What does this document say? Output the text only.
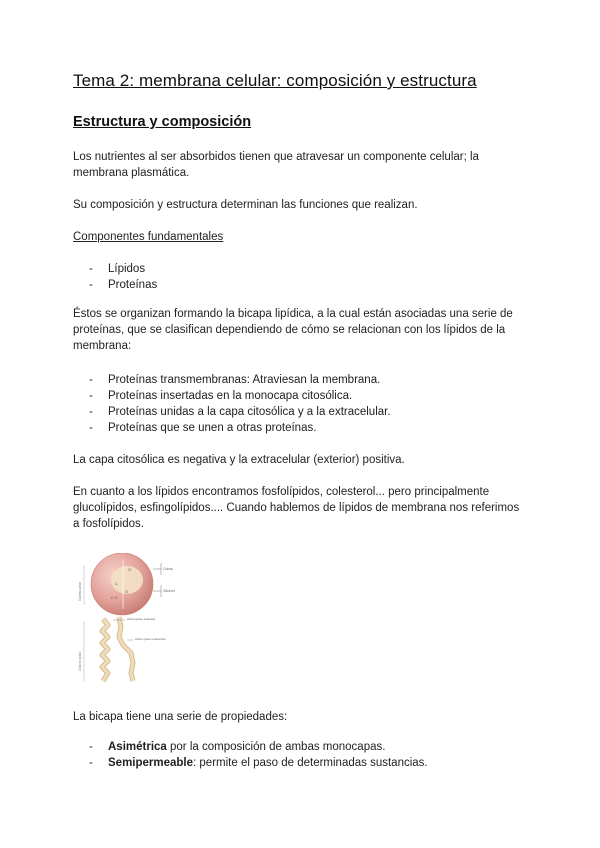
Tema 2: membrana celular: composición y estructura
Estructura y composición

Los nutrientes al ser absorbidos tienen que atravesar un componente celular; la membrana plasmática.

Su composición y estructura determinan las funciones que realizan.

Componentes fundamentales

- Lípidos
- Proteínas

Éstos se organizan formando la bicapa lipídica, a la cual están asociadas una serie de proteínas, que se clasifican dependiendo de cómo se relacionan con los lípidos de la membrana:

- Proteínas transmembranas: Atraviesan la membrana.
- Proteínas insertadas en la monocapa citosólica.
- Proteínas unidas a la capa citosólica y a la extracelular.
- Proteínas que se unen a otras proteínas.

La capa citosólica es negativa y la extracelular (exterior) positiva.

En cuanto a los lípidos encontramos fosfolípidos, colesterol... pero principalmente glucolípidos, esfingolípidos.... Cuando hablemos de lípidos de membrana nos referimos a fosfolípidos.

Cabeza polar
Cola no polar
O
C
O
C C
Colina
Glicerol
Ácido graso saturado
Ácido graso insaturado

La bicapa tiene una serie de propiedades:

- Asimétrica por la composición de ambas monocapas.
- Semipermeable: permite el paso de determinadas sustancias.
